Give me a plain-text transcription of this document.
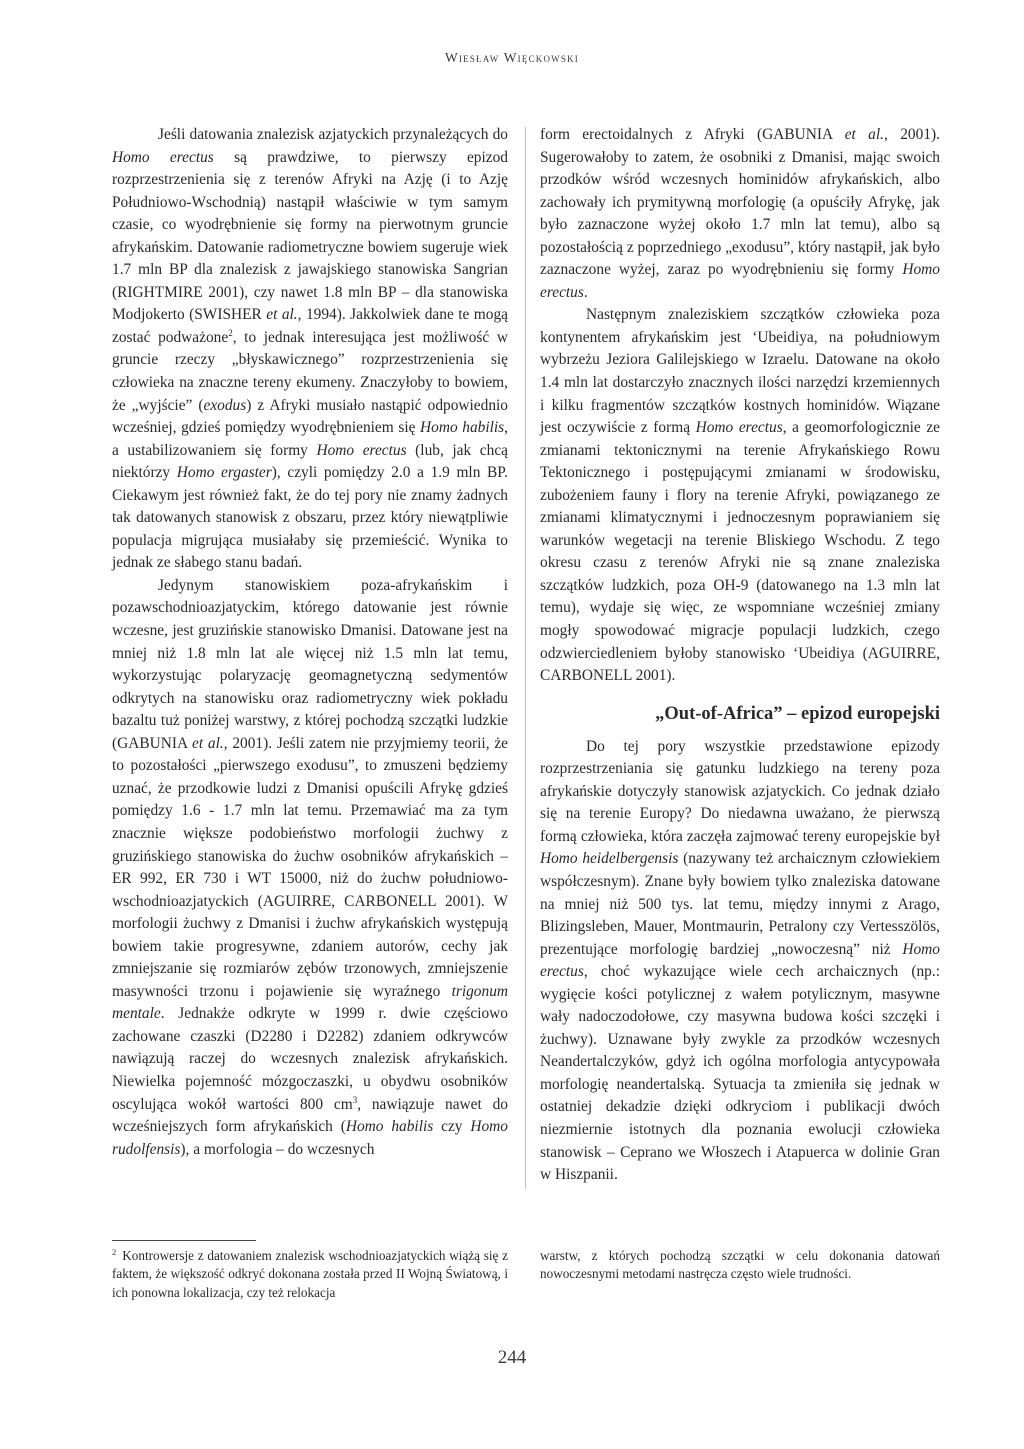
Wiesław Więckowski

Jeśli datowania znalezisk azjatyckich przynależących do Homo erectus są prawdziwe, to pierwszy epizod rozprzestrzenienia się z terenów Afryki na Azję (i to Azję Południowo-Wschodnią) nastąpił właściwie w tym samym czasie, co wyodrębnienie się formy na pierwotnym gruncie afrykańskim. Datowanie radiometryczne bowiem sugeruje wiek 1.7 mln BP dla znalezisk z jawajskiego stanowiska Sangrian (RIGHTMIRE 2001), czy nawet 1.8 mln BP – dla stanowiska Modjokerto (SWISHER et al., 1994). Jakkolwiek dane te mogą zostać podważone$^2$, to jednak interesująca jest możliwość w gruncie rzeczy „błyskawicznego” rozprzestrzenienia się człowieka na znaczne tereny ekumeny. Znaczyłoby to bowiem, że „wyjście” (exodus) z Afryki musiało nastąpić odpowiednio wcześniej, gdzieś pomiędzy wyodrębnieniem się Homo habilis, a ustabilizowaniem się formy Homo erectus (lub, jak chcą niektórzy Homo ergaster), czyli pomiędzy 2.0 a 1.9 mln BP. Ciekawym jest również fakt, że do tej pory nie znamy żadnych tak datowanych stanowisk z obszaru, przez który niewątpliwie populacja migrująca musiałaby się przemieścić. Wynika to jednak ze słabego stanu badań.

Jedynym stanowiskiem poza-afrykańskim i pozawschodnioazjatyckim, którego datowanie jest równie wczesne, jest gruzińskie stanowisko Dmanisi. Datowane jest na mniej niż 1.8 mln lat ale więcej niż 1.5 mln lat temu, wykorzystując polaryzację geomagnetyczną sedymentów odkrytych na stanowisku oraz radiometryczny wiek pokładu bazaltu tuż poniżej warstwy, z której pochodzą szczątki ludzkie (GABUNIA et al., 2001). Jeśli zatem nie przyjmiemy teorii, że to pozostałości „pierwszego exodusu”, to zmuszeni będziemy uznać, że przodkowie ludzi z Dmanisi opuścili Afrykę gdzieś pomiędzy 1.6 - 1.7 mln lat temu. Przemawiać ma za tym znacznie większe podobieństwo morfologii żuchwy z gruzińskiego stanowiska do żuchw osobników afrykańskich – ER 992, ER 730 i WT 15000, niż do żuchw południowo-wschodnioazjatyckich (AGUIRRE, CARBONELL 2001). W morfologii żuchwy z Dmanisi i żuchw afrykańskich występują bowiem takie progresywne, zdaniem autorów, cechy jak zmniejszanie się rozmiarów zębów trzonowych, zmniejszenie masywności trzonu i pojawienie się wyraźnego trigonum mentale. Jednakże odkryte w 1999 r. dwie częściowo zachowane czaszki (D2280 i D2282) zdaniem odkrywców nawiązują raczej do wczesnych znalezisk afrykańskich. Niewielka pojemność mózgoczaszki, u obydwu osobników oscylująca wokół wartości 800 $cm^3$, nawiązuje nawet do wcześniejszych form afrykańskich (Homo habilis czy Homo rudolfensis), a morfologia – do wczesnych

form erectoidalnych z Afryki (GABUNIA et al., 2001). Sugerowałoby to zatem, że osobniki z Dmanisi, mając swoich przodków wśród wczesnych hominidów afrykańskich, albo zachowały ich prymitywną morfologię (a opuściły Afrykę, jak było zaznaczone wyżej około 1.7 mln lat temu), albo są pozostałością z poprzedniego „exodusu”, który nastąpił, jak było zaznaczone wyżej, zaraz po wyodrębnieniu się formy Homo erectus.

Następnym znaleziskiem szczątków człowieka poza kontynentem afrykańskim jest ‘Ubeidiya, na południowym wybrzeżu Jeziora Galilejskiego w Izraelu. Datowane na około 1.4 mln lat dostarczyło znacznych ilości narzędzi krzemiennych i kilku fragmentów szczątków kostnych hominidów. Wiązane jest oczywiście z formą Homo erectus, a geomorfologicznie ze zmianami tektonicznymi na terenie Afrykańskiego Rowu Tektonicznego i postępującymi zmianami w środowisku, zubożeniem fauny i flory na terenie Afryki, powiązanego ze zmianami klimatycznymi i jednoczesnym poprawianiem się warunków wegetacji na terenie Bliskiego Wschodu. Z tego okresu czasu z terenów Afryki nie są znane znaleziska szczątków ludzkich, poza OH-9 (datowanego na 1.3 mln lat temu), wydaje się więc, ze wspomniane wcześniej zmiany mogły spowodować migracje populacji ludzkich, czego odzwierciedleniem byłoby stanowisko ‘Ubeidiya (AGUIRRE, CARBONELL 2001).

„Out-of-Africa” – epizod europejski

Do tej pory wszystkie przedstawione epizody rozprzestrzeniania się gatunku ludzkiego na tereny poza afrykańskie dotyczyły stanowisk azjatyckich. Co jednak działo się na terenie Europy? Do niedawna uważano, że pierwszą formą człowieka, która zaczęła zajmować tereny europejskie był Homo heidelbergensis (nazywany też archaicznym człowiekiem współczesnym). Znane były bowiem tylko znaleziska datowane na mniej niż 500 tys. lat temu, między innymi z Arago, Blizingsleben, Mauer, Montmaurin, Petralony czy Vertesszölös, prezentujące morfologię bardziej „nowoczesną” niż Homo erectus, choć wykazujące wiele cech archaicznych (np.: wygięcie kości potylicznej z wałem potylicznym, masywne wały nadoczodołowe, czy masywna budowa kości szczęki i żuchwy). Uznawane były zwykle za przodków wczesnych Neandertalczyków, gdyż ich ogólna morfologia antycypowała morfologię neandertalską. Sytuacja ta zmieniła się jednak w ostatniej dekadzie dzięki odkryciom i publikacji dwóch niezmiernie istotnych dla poznania ewolucji człowieka stanowisk – Ceprano we Włoszech i Atapuerca w dolinie Gran w Hiszpanii.

$^2$ Kontrowersje z datowaniem znalezisk wschodnioazjatyckich wiążą się z faktem, że większość odkryć dokonana została przed II Wojną Światową, i ich ponowna lokalizacja, czy też relokacja
warstw, z których pochodzą szczątki w celu dokonania datowań nowoczesnymi metodami nastręcza często wiele trudności.
244
